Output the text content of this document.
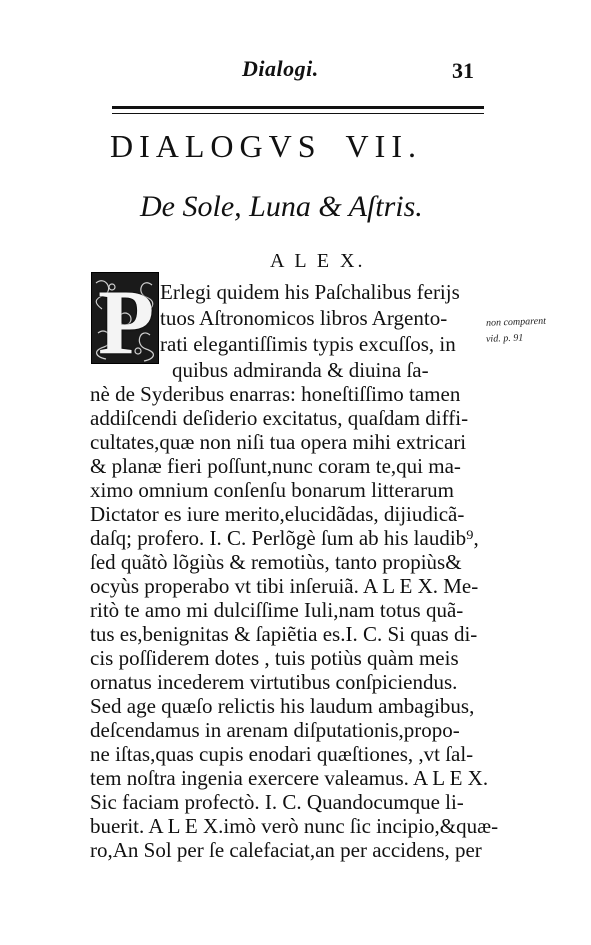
Dialogi.	31
DIALOGVS VII.
De Sole, Luna & Aſtris.
A L E X.
P Erlegi quidem his Paſchalibus ferijs
tuos Aſtronomicos libros Argento-
rati elegantiſſimis typis excuſſos, in
quibus admiranda & diuina ſa-
nè de Syderibus enarras: honeſtiſſimo tamen
addiſcendi deſiderio excitatus, quaſdam diffi-
cultates,quæ non niſi tua opera mihi extricari
& planæ fieri poſſunt,nunc coram te,qui ma-
ximo omnium conſenſu bonarum litterarum
Dictator es iure merito,elucidãdas, dijiudicã-
daſq; profero. I. C. Perlõgè ſum ab his laudib⁹,
ſed quãtò lõgiùs & remotiùs, tanto propiùs&
ocyùs properabo vt tibi inſeruiã. A L E X. Me-
ritò te amo mi dulciſſime Iuli,nam totus quã-
tus es,benignitas & ſapiẽtia es.I. C. Si quas di-
cis poſſiderem dotes , tuis potiùs quàm meis
ornatus incederem virtutibus conſpiciendus.
Sed age quæſo relictis his laudum ambagibus,
deſcendamus in arenam diſputationis,propo-
ne iſtas,quas cupis enodari quæſtiones, ,vt ſal-
tem noſtra ingenia exercere valeamus. A L E X.
Sic faciam profectò. I. C. Quandocumque li-
buerit. A L E X.imò verò nunc ſic incipio,&quæ-
ro,An Sol per ſe calefaciat,an per accidens, per
non comparent
vid. p. 91
